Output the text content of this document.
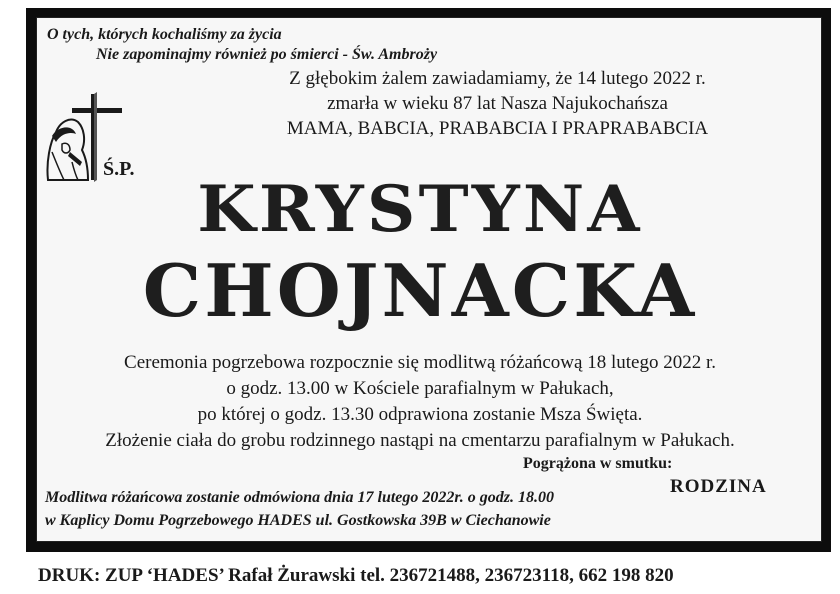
O tych, których kochaliśmy za życia
Nie zapominajmy również po śmierci - Św. Ambroży
Z głębokim żalem zawiadamiamy, że 14 lutego 2022 r.
zmarła w wieku 87 lat Nasza Najukochańsza
MAMA, BABCIA, PRABABCIA I PRAPRABABCIA
Ś.P.
KRYSTYNA
CHOJNACKA
Ceremonia pogrzebowa rozpocznie się modlitwą różańcową 18 lutego 2022 r.
o godz. 13.00 w Kościele parafialnym w Pałukach,
po której o godz. 13.30 odprawiona zostanie Msza Święta.
Złożenie ciała do grobu rodzinnego nastąpi na cmentarzu parafialnym w Pałukach.
Pogrążona w smutku:
RODZINA
Modlitwa różańcowa zostanie odmówiona dnia 17 lutego 2022r. o godz. 18.00
w Kaplicy Domu Pogrzebowego HADES ul. Gostkowska 39B w Ciechanowie
DRUK: ZUP ‘HADES’ Rafał Żurawski tel. 236721488, 236723118, 662 198 820
